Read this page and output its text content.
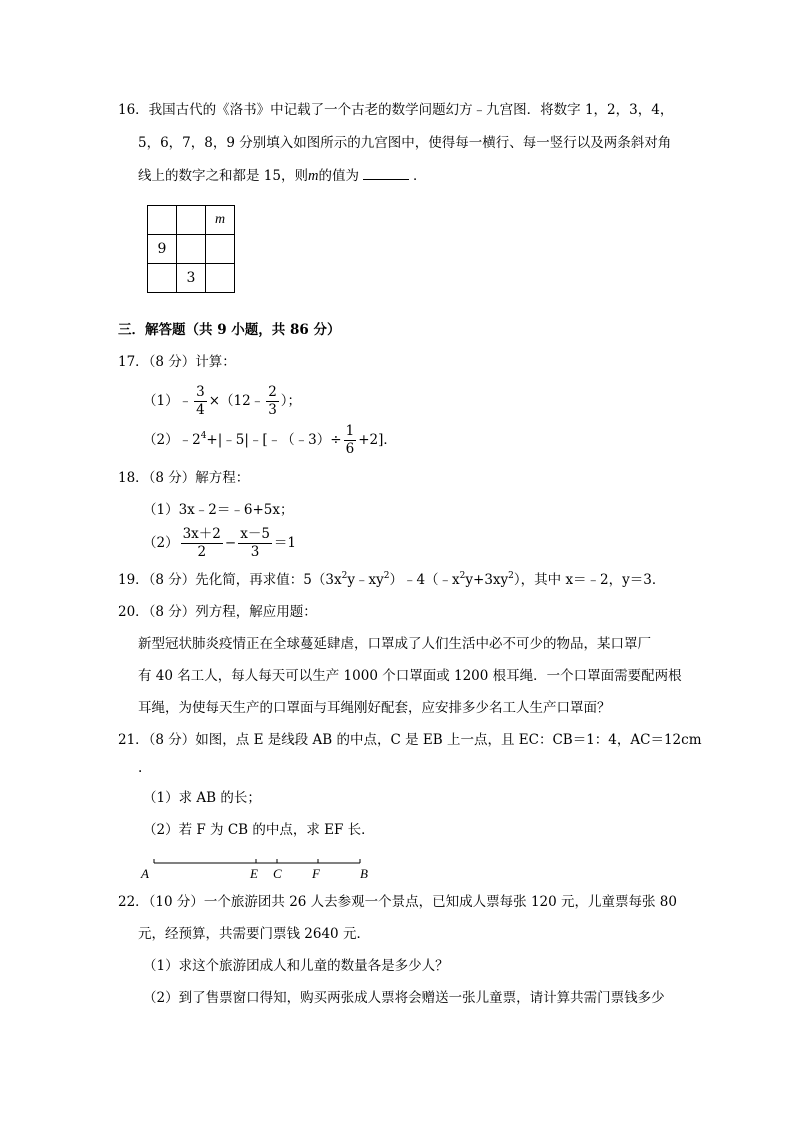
16．我国古代的《洛书》中记载了一个古老的数学问题幻方﹣九宫图．将数字 1，2，3，4，
5，6，7，8，9 分别填入如图所示的九宫图中，使得每一横行、每一竖行以及两条斜对角
线上的数字之和都是 15，则m的值为	．
		m
9		
	3	
三．解答题（共 9 小题，共 86 分）
17．（8 分）计算：
（1）﹣ $\frac{3}{4}$ ×（12﹣ $\frac{2}{3}$ ）；
$(2)﹣2^4+|﹣5|﹣[﹣(﹣3)\div \frac{1}{6} +2]$．
18．（8 分）解方程：
（1）3x﹣2＝﹣6+5x；
$(2) \frac{3x+2}{2} - \frac{x-5}{3} =1$
19．（8 分）先化简，再求值：$5(3x^2y﹣xy^2)﹣4(﹣x^2y+3xy^2)$，其中 x＝﹣2，y＝3．
20．（8 分）列方程，解应用题：
新型冠状肺炎疫情正在全球蔓延肆虐，口罩成了人们生活中必不可少的物品，某口罩厂
有 40 名工人，每人每天可以生产 1000 个口罩面或 1200 根耳绳．一个口罩面需要配两根
耳绳，为使每天生产的口罩面与耳绳刚好配套，应安排多少名工人生产口罩面？
21．（8 分）如图，点 E 是线段 AB 的中点，C 是 EB 上一点，且 EC：CB＝1：4，AC＝12cm
.
（1）求 AB 的长；
（2）若 F 为 CB 的中点，求 EF 长．
A	E C F	B
22．（10 分）一个旅游团共 26 人去参观一个景点，已知成人票每张 120 元，儿童票每张 80
元，经预算，共需要门票钱 2640 元．
（1）求这个旅游团成人和儿童的数量各是多少人？
（2）到了售票窗口得知，购买两张成人票将会赠送一张儿童票，请计算共需门票钱多少
